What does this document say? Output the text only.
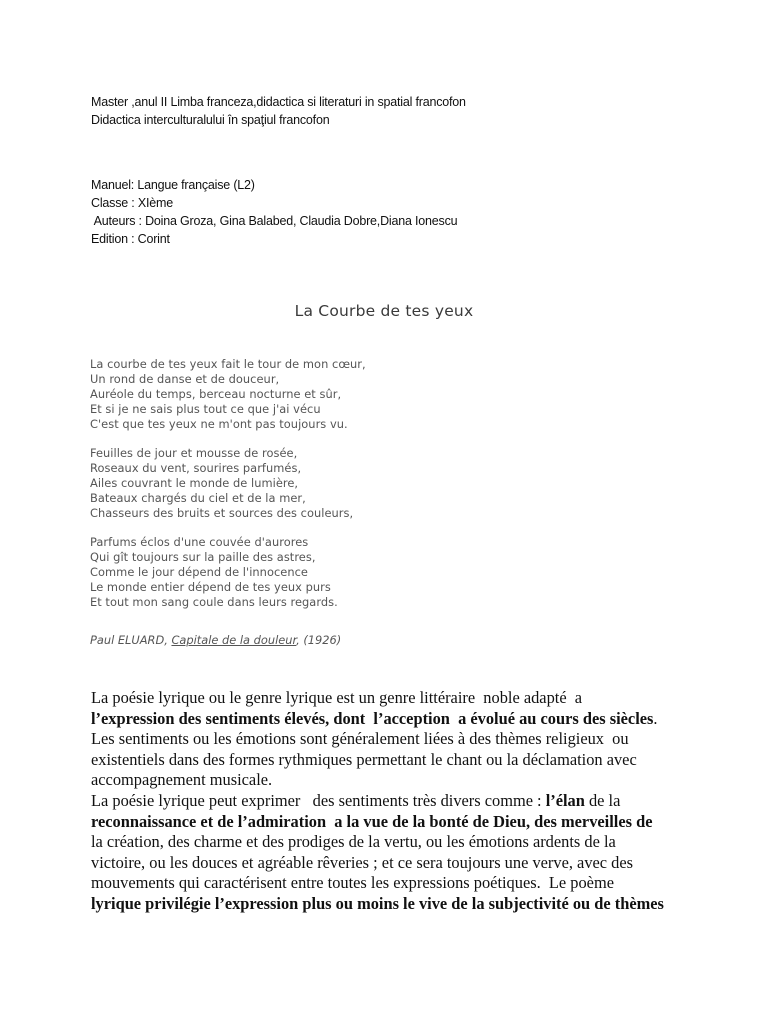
Master ,anul II Limba franceza,didactica si literaturi in spatial francofon
Didactica interculturalului în spaţiul francofon
Manuel: Langue française (L2)
Classe : XIème
Auteurs : Doina Groza, Gina Balabed, Claudia Dobre,Diana Ionescu
Edition : Corint
La Courbe de tes yeux
La courbe de tes yeux fait le tour de mon cœur,
Un rond de danse et de douceur,
Auréole du temps, berceau nocturne et sûr,
Et si je ne sais plus tout ce que j'ai vécu
C'est que tes yeux ne m'ont pas toujours vu.
Feuilles de jour et mousse de rosée,
Roseaux du vent, sourires parfumés,
Ailes couvrant le monde de lumière,
Bateaux chargés du ciel et de la mer,
Chasseurs des bruits et sources des couleurs,
Parfums éclos d'une couvée d'aurores
Qui gît toujours sur la paille des astres,
Comme le jour dépend de l'innocence
Le monde entier dépend de tes yeux purs
Et tout mon sang coule dans leurs regards.
Paul ELUARD, Capitale de la douleur, (1926)
La poésie lyrique ou le genre lyrique est un genre littéraire  noble adapté  a
l’expression des sentiments élevés, dont  l’acception  a évolué au cours des siècles.
Les sentiments ou les émotions sont généralement liées à des thèmes religieux  ou
existentiels dans des formes rythmiques permettant le chant ou la déclamation avec
accompagnement musicale.
La poésie lyrique peut exprimer   des sentiments très divers comme : l’élan de la
reconnaissance et de l’admiration  a la vue de la bonté de Dieu, des merveilles de
la création, des charme et des prodiges de la vertu, ou les émotions ardents de la
victoire, ou les douces et agréable rêveries ; et ce sera toujours une verve, avec des
mouvements qui caractérisent entre toutes les expressions poétiques.  Le poème
lyrique privilégie l’expression plus ou moins le vive de la subjectivité ou de thèmes
